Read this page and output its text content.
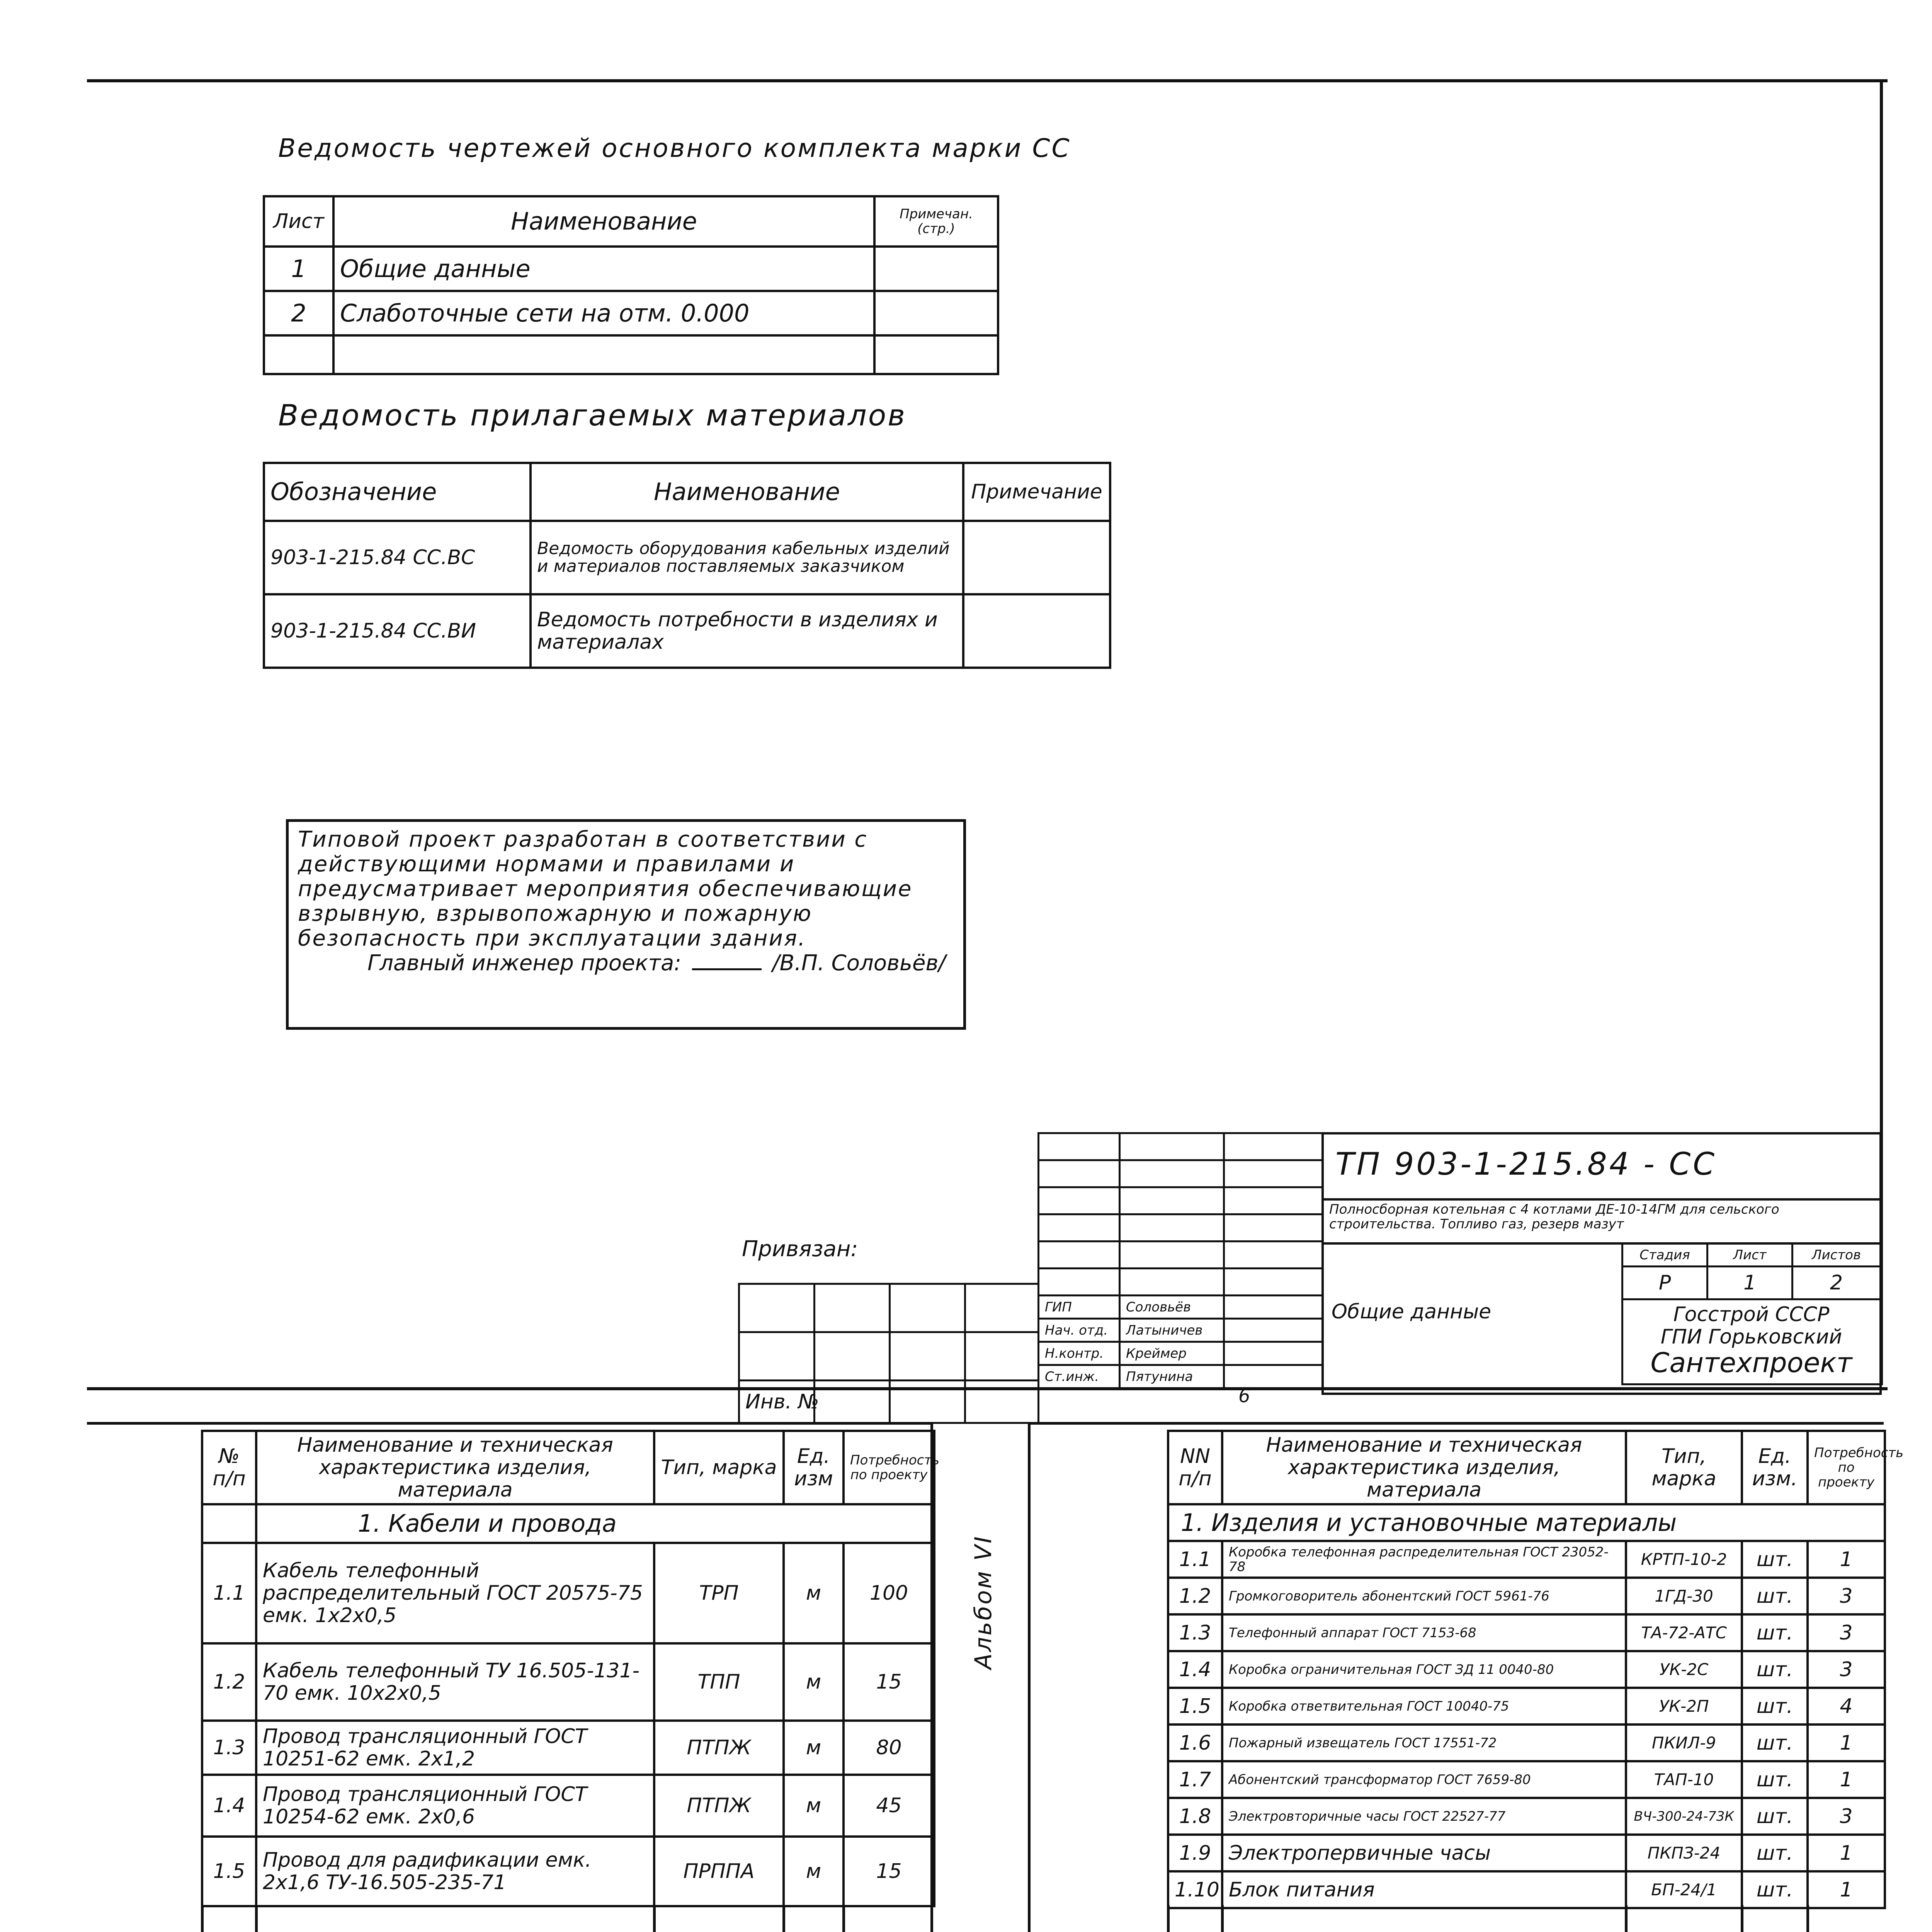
Ведомость чертежей основного комплекта марки СС
Лист	Наименование	Примечан. (стр.)
1	Общие данные	
2	Слаботочные сети на отм. 0.000	

Ведомость прилагаемых материалов
Обозначение	Наименование	Примечание
903-1-215.84 СС.ВС	Ведомость оборудования кабельных изделий и материалов поставляемых заказчиком	
903-1-215.84 СС.ВИ	Ведомость потребности в изделиях и материалах	
Типовой проект разработан в соответствии с действующими нормами и правилами и предусматривает мероприятия обеспечивающие взрывную, взрывопожарную и пожарную безопасность при эксплуатации здания.
Главный инженер проекта:	/В.П. Соловьёв/
Привязан:

Инв. №			

ГИП	Соловьёв	
Нач. отд.	Латыничев	
Н.контр.	Креймер	
Ст.инж.	Пятунина	
ТП 903-1-215.84 - СС
Полносборная котельная с 4 котлами ДЕ-10-14ГМ для сельского строительства. Топливо газ, резерв мазут
Общие данные
Стадия	Лист	Листов
Р	1	2

Госстрой СССР
ГПИ Горьковский
Сантехпроект		
6
№ п/п	Наименование и техническая характеристика изделия, материала	Тип, марка	Ед. изм	Потребность по проекту
	1. Кабели и провода			
1.1	Кабель телефонный распределительный ГОСТ 20575-75 емк. 1х2х0,5	ТРП	м	100
1.2	Кабель телефонный ТУ 16.505-131-70 емк. 10х2х0,5	ТПП	м	15
1.3	Провод трансляционный ГОСТ 10251-62 емк. 2х1,2	ПТПЖ	м	80
1.4	Провод трансляционный ГОСТ 10254-62 емк. 2х0,6	ПТПЖ	м	45
1.5	Провод для радификации емк. 2х1,6 ТУ-16.505-235-71	ПРППА	м	15

Альбом VI
NN п/п	Наименование и техническая характеристика изделия, материала	Тип, марка	Ед. изм.	Потребность по проекту
1. Изделия и установочные материалы				
1.1	Коробка телефонная распределительная ГОСТ 23052-78	КРТП-10-2	шт.	1
1.2	Громкоговоритель абонентский ГОСТ 5961-76	1ГД-30	шт.	3
1.3	Телефонный аппарат ГОСТ 7153-68	ТА-72-АТС	шт.	3
1.4	Коробка ограничительная ГОСТ ЗД 11 0040-80	УК-2С	шт.	3
1.5	Коробка ответвительная ГОСТ 10040-75	УК-2П	шт.	4
1.6	Пожарный извещатель ГОСТ 17551-72	ПКИЛ-9	шт.	1
1.7	Абонентский трансформатор ГОСТ 7659-80	ТАП-10	шт.	1
1.8	Электровторичные часы ГОСТ 22527-77	ВЧ-300-24-73К	шт.	3
1.9	Электропервичные часы	ПКПЗ-24	шт.	1
1.10	Блок питания	БП-24/1	шт.	1
